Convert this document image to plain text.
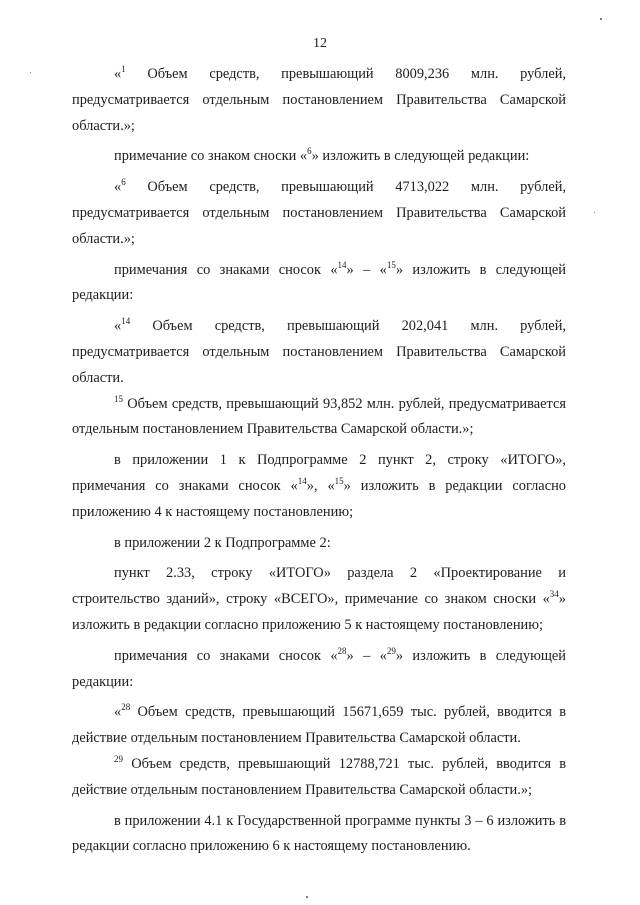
12

«$^1$ Объем средств, превышающий 8009,236 млн. рублей, предусматривается отдельным постановлением Правительства Самарской области.»;

примечание со знаком сноски «$^6$» изложить в следующей редакции:

«$^6$ Объем средств, превышающий 4713,022 млн. рублей, предусматривается отдельным постановлением Правительства Самарской области.»;

примечания со знаками сносок «$^{14}$» – «$^{15}$» изложить в следующей редакции:

«$^{14}$ Объем средств, превышающий 202,041 млн. рублей, предусматривается отдельным постановлением Правительства Самарской области.

$^{15}$ Объем средств, превышающий 93,852 млн. рублей, предусматривается отдельным постановлением Правительства Самарской области.»;

в приложении 1 к Подпрограмме 2 пункт 2, строку «ИТОГО», примечания со знаками сносок «$^{14}$», «$^{15}$» изложить в редакции согласно приложению 4 к настоящему постановлению;

в приложении 2 к Подпрограмме 2:

пункт 2.33, строку «ИТОГО» раздела 2 «Проектирование и строительство зданий», строку «ВСЕГО», примечание со знаком сноски «$^{34}$» изложить в редакции согласно приложению 5 к настоящему постановлению;

примечания со знаками сносок «$^{28}$» – «$^{29}$» изложить в следующей редакции:

«$^{28}$ Объем средств, превышающий 15671,659 тыс. рублей, вводится в действие отдельным постановлением Правительства Самарской области.

$^{29}$ Объем средств, превышающий 12788,721 тыс. рублей, вводится в действие отдельным постановлением Правительства Самарской области.»;

в приложении 4.1 к Государственной программе пункты 3 – 6 изложить в редакции согласно приложению 6 к настоящему постановлению.
